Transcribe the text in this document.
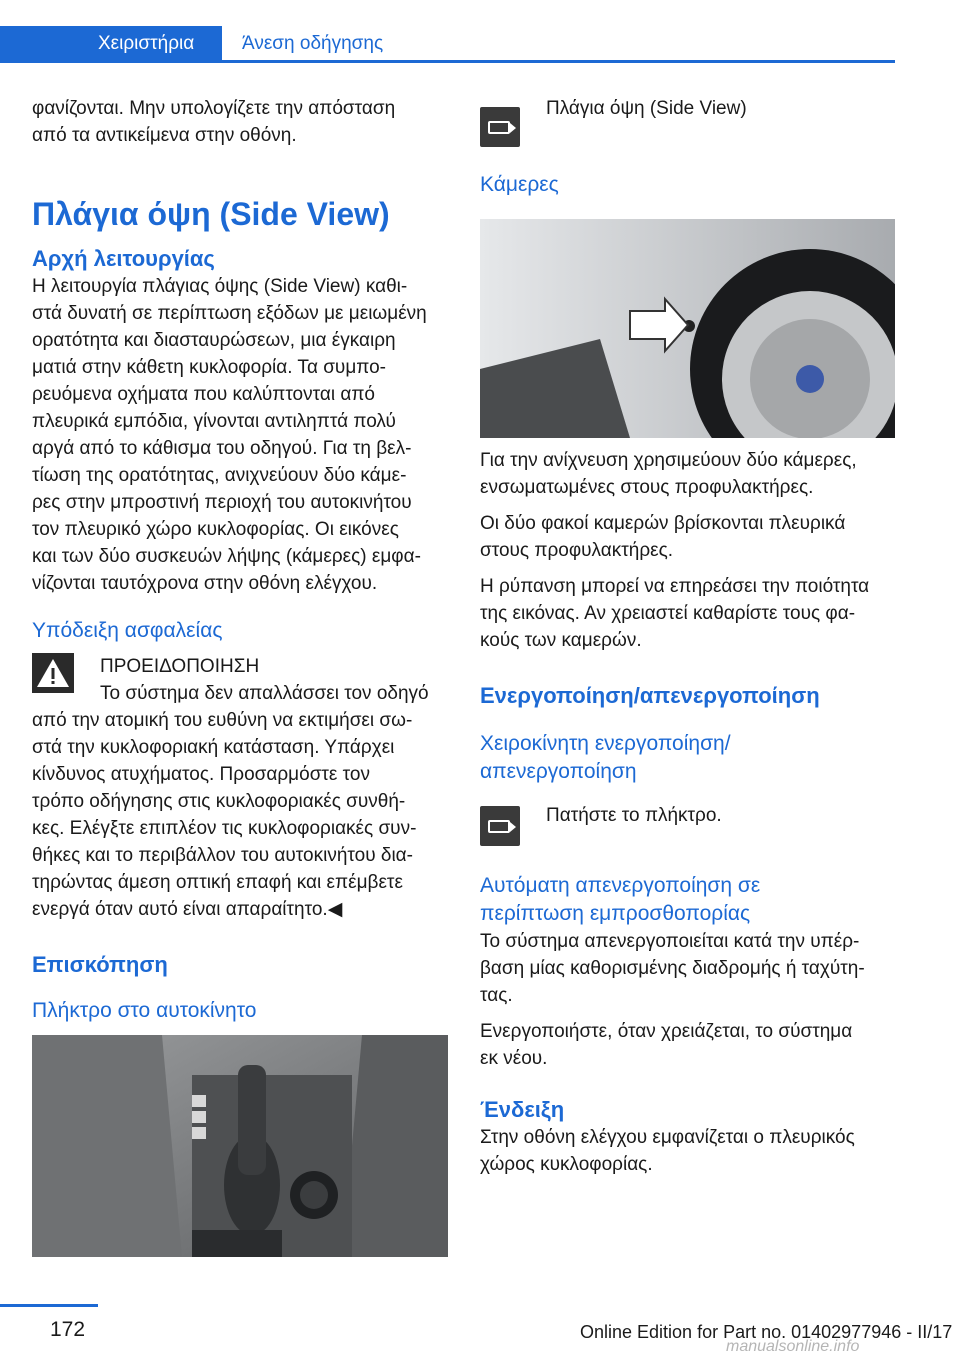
Χειριστήρια	Άνεση οδήγησης

φανίζονται. Μην υπολογίζετε την απόσταση

από τα αντικείμενα στην οθόνη.

Πλάγια όψη (Side View)
Αρχή λειτουργίας

Η λειτουργία πλάγιας όψης (Side View) καθι‐

στά δυνατή σε περίπτωση εξόδων με μειωμένη

ορατότητα και διασταυρώσεων, μια έγκαιρη

ματιά στην κάθετη κυκλοφορία. Τα συμπο‐

ρευόμενα οχήματα που καλύπτονται από

πλευρικά εμπόδια, γίνονται αντιληπτά πολύ

αργά από το κάθισμα του οδηγού. Για τη βελ‐

τίωση της ορατότητας, ανιχνεύουν δύο κάμε‐

ρες στην μπροστινή περιοχή του αυτοκινήτου

τον πλευρικό χώρο κυκλοφορίας. Οι εικόνες

και των δύο συσκευών λήψης (κάμερες) εμφα‐

νίζονται ταυτόχρονα στην οθόνη ελέγχου.

Υπόδειξη ασφαλείας

ΠΡΟΕΙΔΟΠΟΙΗΣΗ

Το σύστημα δεν απαλλάσσει τον οδηγό

από την ατομική του ευθύνη να εκτιμήσει σω‐

στά την κυκλοφοριακή κατάσταση. Υπάρχει

κίνδυνος ατυχήματος. Προσαρμόστε τον

τρόπο οδήγησης στις κυκλοφοριακές συνθή‐

κες. Ελέγξτε επιπλέον τις κυκλοφοριακές συν‐

θήκες και το περιβάλλον του αυτοκινήτου δια‐

τηρώντας άμεση οπτική επαφή και επέμβετε

ενεργά όταν αυτό είναι απαραίτητο.◀

Επισκόπηση
Πλήκτρο στο αυτοκίνητο

Πλάγια όψη (Side View)

Κάμερες

Για την ανίχνευση χρησιμεύουν δύο κάμερες,

ενσωματωμένες στους προφυλακτήρες.

Οι δύο φακοί καμερών βρίσκονται πλευρικά

στους προφυλακτήρες.

Η ρύπανση μπορεί να επηρεάσει την ποιότητα

της εικόνας. Αν χρειαστεί καθαρίστε τους φα‐

κούς των καμερών.

Ενεργοποίηση/απενεργοποίηση
Χειροκίνητη ενεργοποίηση/
απενεργοποίηση

Πατήστε το πλήκτρο.

Αυτόματη απενεργοποίηση σε
περίπτωση εμπροσθοπορίας

Το σύστημα απενεργοποιείται κατά την υπέρ‐

βαση μίας καθορισμένης διαδρομής ή ταχύτη‐

τας.

Ενεργοποιήστε, όταν χρειάζεται, το σύστημα

εκ νέου.

Ένδειξη

Στην οθόνη ελέγχου εμφανίζεται ο πλευρικός

χώρος κυκλοφορίας.

172	Online Edition for Part no. 01402977946 - II/17
manualsonline.info
